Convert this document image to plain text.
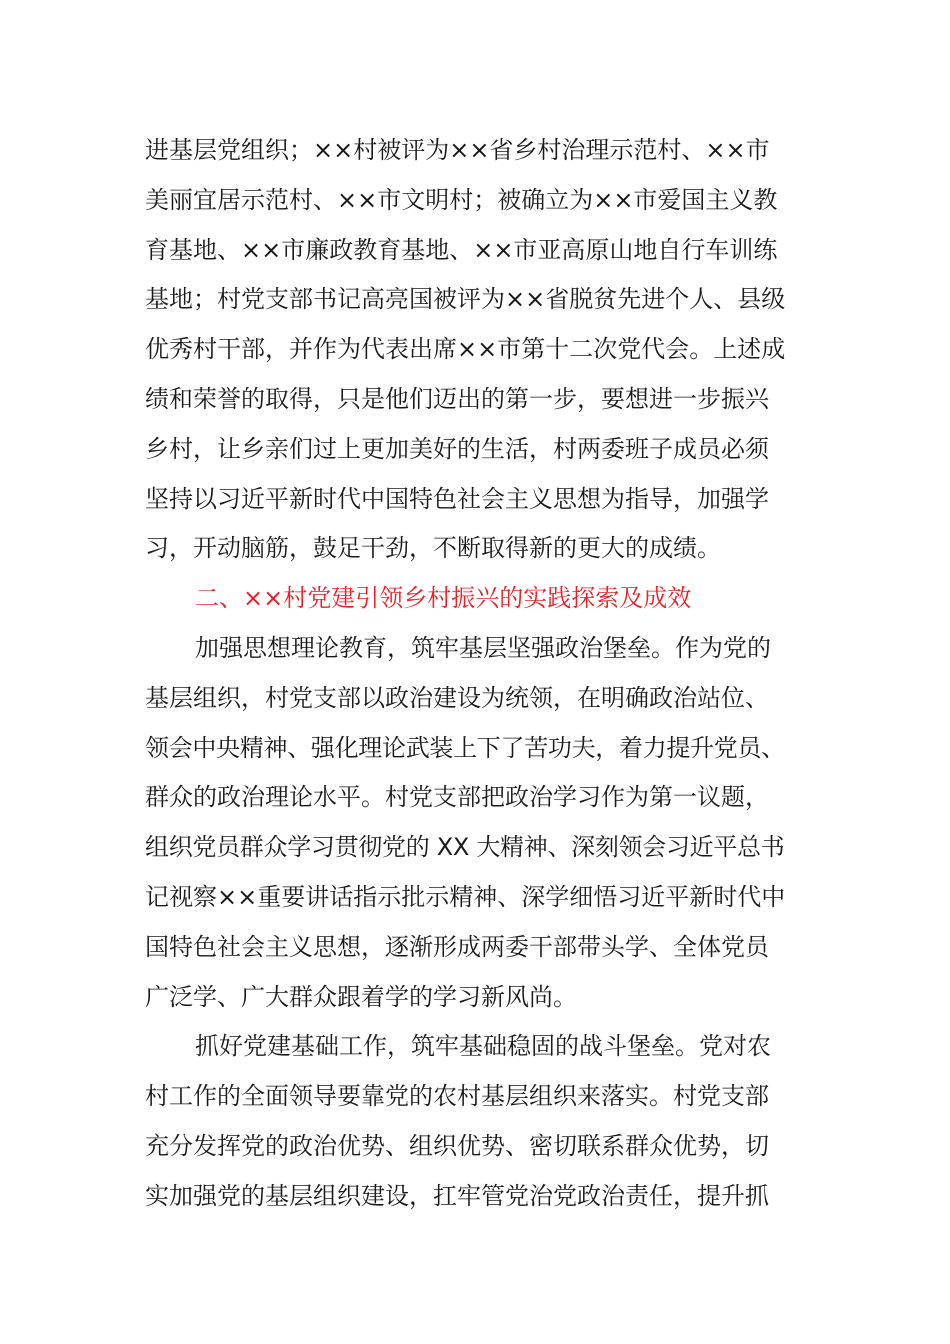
进基层党组织；××村被评为××省乡村治理示范村、××市
美丽宜居示范村、××市文明村；被确立为××市爱国主义教
育基地、××市廉政教育基地、××市亚高原山地自行车训练
基地；村党支部书记高亮国被评为××省脱贫先进个人、县级
优秀村干部，并作为代表出席××市第十二次党代会。上述成
绩和荣誉的取得，只是他们迈出的第一步，要想进一步振兴
乡村，让乡亲们过上更加美好的生活，村两委班子成员必须
坚持以习近平新时代中国特色社会主义思想为指导，加强学
习，开动脑筋，鼓足干劲，不断取得新的更大的成绩。
二、××村党建引领乡村振兴的实践探索及成效
加强思想理论教育，筑牢基层坚强政治堡垒。作为党的
基层组织，村党支部以政治建设为统领，在明确政治站位、
领会中央精神、强化理论武装上下了苦功夫，着力提升党员、
群众的政治理论水平。村党支部把政治学习作为第一议题，
组织党员群众学习贯彻党的 XX 大精神、深刻领会习近平总书
记视察××重要讲话指示批示精神、深学细悟习近平新时代中
国特色社会主义思想，逐渐形成两委干部带头学、全体党员
广泛学、广大群众跟着学的学习新风尚。
抓好党建基础工作，筑牢基础稳固的战斗堡垒。党对农
村工作的全面领导要靠党的农村基层组织来落实。村党支部
充分发挥党的政治优势、组织优势、密切联系群众优势，切
实加强党的基层组织建设，扛牢管党治党政治责任，提升抓
